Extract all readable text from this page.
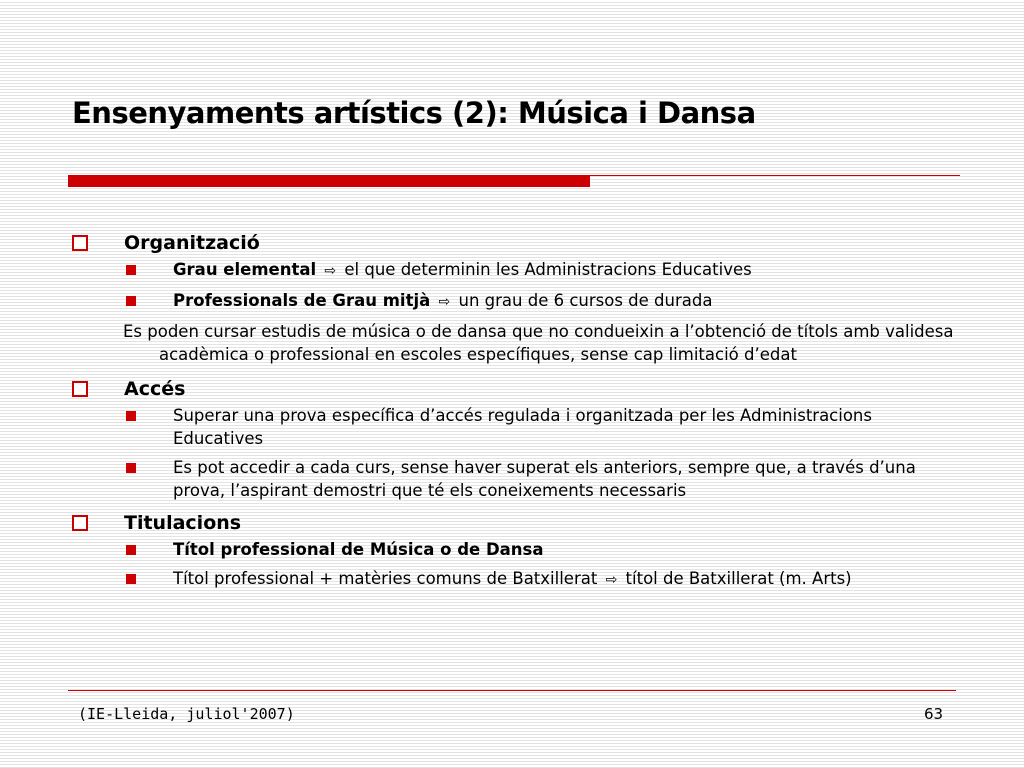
Ensenyaments artístics (2): Música i Dansa
Organització
Grau elemental ⇨ el que determinin les Administracions Educatives
Professionals de Grau mitjà ⇨ un grau de 6 cursos de durada
Es poden cursar estudis de música o de dansa que no condueixin a l’obtenció de títols amb validesa acadèmica o professional en escoles específiques, sense cap limitació d’edat
Accés
Superar una prova específica d’accés regulada i organitzada per les Administracions Educatives
Es pot accedir a cada curs, sense haver superat els anteriors, sempre que, a través d’una prova, l’aspirant demostri que té els coneixements necessaris
Titulacions
Títol professional de Música o de Dansa
Títol professional + matèries comuns de Batxillerat ⇨ títol de Batxillerat (m. Arts)
(IE-Lleida, juliol'2007)	63
